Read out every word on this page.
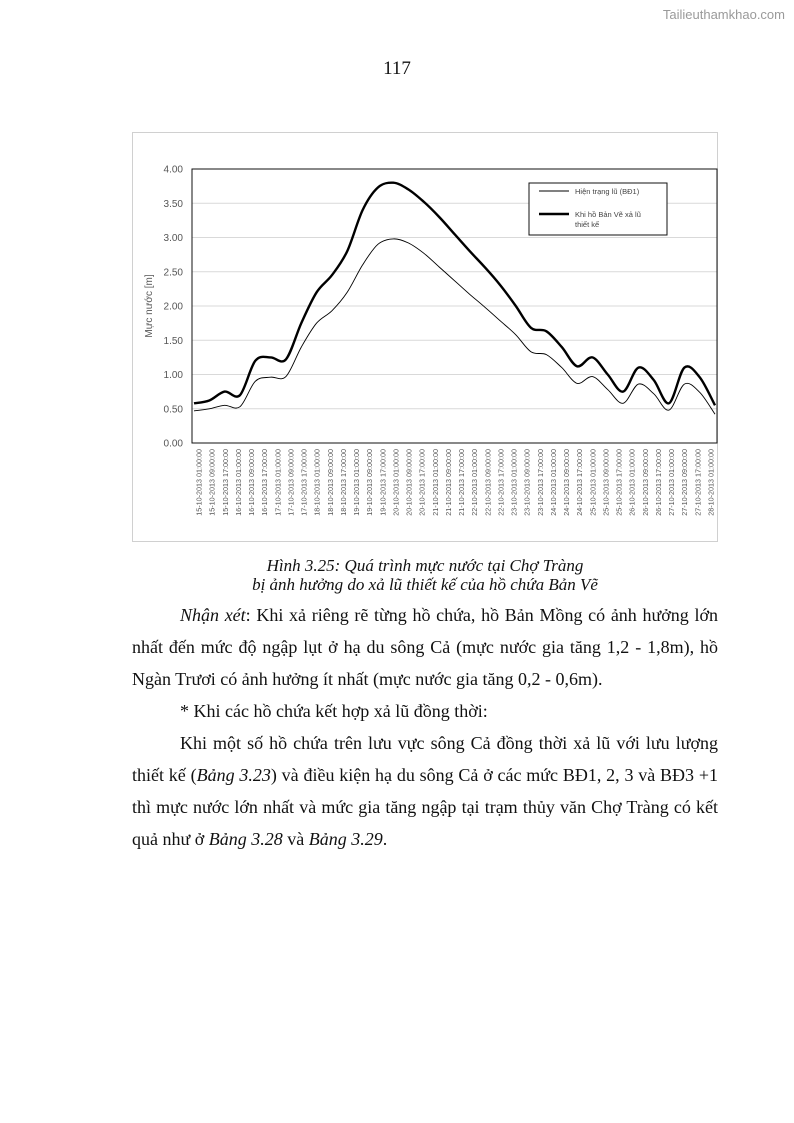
Tailieuthamkhao.com
117
0.00
0.50
1.00
1.50
2.00
2.50
3.00
3.50
4.00
15-10-2013 01:00:00 15-10-2013 09:00:00 15-10-2013 17:00:00 16-10-2013 01:00:00 16-10-2013 09:00:00 16-10-2013 17:00:00 17-10-2013 01:00:00 17-10-2013 09:00:00 17-10-2013 17:00:00 18-10-2013 01:00:00 18-10-2013 09:00:00 18-10-2013 17:00:00 19-10-2013 01:00:00 19-10-2013 09:00:00 19-10-2013 17:00:00 20-10-2013 01:00:00 20-10-2013 09:00:00 20-10-2013 17:00:00 21-10-2013 01:00:00 21-10-2013 09:00:00 21-10-2013 17:00:00 22-10-2013 01:00:00 22-10-2013 09:00:00 22-10-2013 17:00:00 23-10-2013 01:00:00 23-10-2013 09:00:00 23-10-2013 17:00:00 24-10-2013 01:00:00 24-10-2013 09:00:00 24-10-2013 17:00:00 25-10-2013 01:00:00 25-10-2013 09:00:00 25-10-2013 17:00:00 26-10-2013 01:00:00 26-10-2013 09:00:00 26-10-2013 17:00:00 27-10-2013 01:00:00 27-10-2013 09:00:00 27-10-2013 17:00:00 28-10-2013 01:00:00
Mực nước [m]
Hiện trạng lũ (BĐ1)
Khi hồ Bản Vẽ xả lũ thiết kế
Hình 3.25: Quá trình mực nước tại Chợ Tràng
bị ảnh hưởng do xả lũ thiết kế của hồ chứa Bản Vẽ
Nhận xét: Khi xả riêng rẽ từng hồ chứa, hồ Bản Mồng có ảnh hưởng lớn nhất đến mức độ ngập lụt ở hạ du sông Cả (mực nước gia tăng 1,2 - 1,8m), hồ Ngàn Trươi có ảnh hưởng ít nhất (mực nước gia tăng 0,2 - 0,6m).
* Khi các hồ chứa kết hợp xả lũ đồng thời:
Khi một số hồ chứa trên lưu vực sông Cả đồng thời xả lũ với lưu lượng thiết kế (Bảng 3.23) và điều kiện hạ du sông Cả ở các mức BĐ1, 2, 3 và BĐ3 +1 thì mực nước lớn nhất và mức gia tăng ngập tại trạm thủy văn Chợ Tràng có kết quả như ở Bảng 3.28 và Bảng 3.29.
